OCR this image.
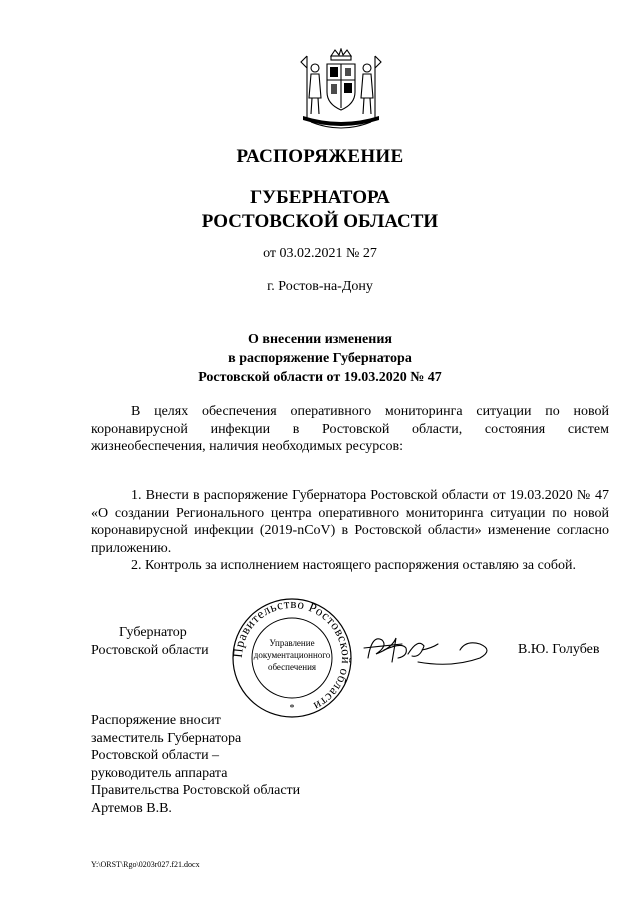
РАСПОРЯЖЕНИЕ
ГУБЕРНАТОРА
РОСТОВСКОЙ ОБЛАСТИ
от 03.02.2021 № 27
г. Ростов-на-Дону
О внесении изменения
в распоряжение Губернатора
Ростовской области от 19.03.2020 № 47

В целях обеспечения оперативного мониторинга ситуации по новой коронавирусной инфекции в Ростовской области, состояния систем жизнеобеспечения, наличия необходимых ресурсов:

1. Внести в распоряжение Губернатора Ростовской области от 19.03.2020 № 47 «О создании Регионального центра оперативного мониторинга ситуации по новой коронавирусной инфекции (2019-nCoV) в Ростовской области» изменение согласно приложению.

2. Контроль за исполнением настоящего распоряжения оставляю за собой.

Губернатор
Ростовской области Правительство Ростовской области
Управление
документационного
обеспечения
*
В.Ю. Голубев
Распоряжение вносит
заместитель Губернатора
Ростовской области –
руководитель аппарата
Правительства Ростовской области
Артемов В.В.
Y:\ORST\Rgo\0203r027.f21.docx
